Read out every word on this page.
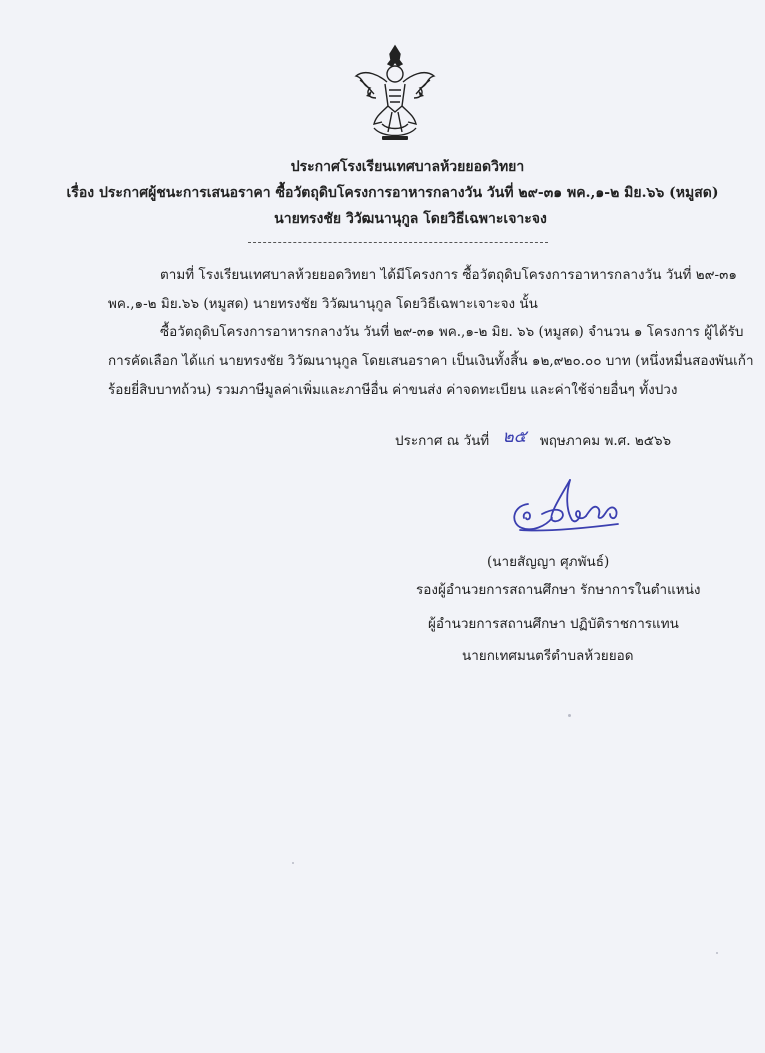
ประกาศโรงเรียนเทศบาลห้วยยอดวิทยา
เรื่อง ประกาศผู้ชนะการเสนอราคา ซื้อวัตถุดิบโครงการอาหารกลางวัน วันที่ ๒๙-๓๑ พค.,๑-๒ มิย.๖๖ (หมูสด)
นายทรงชัย วิวัฒนานุกูล โดยวิธีเฉพาะเจาะจง
ตามที่ โรงเรียนเทศบาลห้วยยอดวิทยา ได้มีโครงการ ซื้อวัตถุดิบโครงการอาหารกลางวัน วันที่ ๒๙-๓๑
พค.,๑-๒ มิย.๖๖ (หมูสด) นายทรงชัย วิวัฒนานุกูล โดยวิธีเฉพาะเจาะจง นั้น
ซื้อวัตถุดิบโครงการอาหารกลางวัน วันที่ ๒๙-๓๑ พค.,๑-๒ มิย. ๖๖ (หมูสด) จำนวน ๑ โครงการ ผู้ได้รับ
การคัดเลือก ได้แก่ นายทรงชัย วิวัฒนานุกูล โดยเสนอราคา เป็นเงินทั้งสิ้น ๑๒,๙๒๐.๐๐ บาท (หนึ่งหมื่นสองพันเก้า
ร้อยยี่สิบบาทถ้วน) รวมภาษีมูลค่าเพิ่มและภาษีอื่น ค่าขนส่ง ค่าจดทะเบียน และค่าใช้จ่ายอื่นๆ ทั้งปวง
ประกาศ ณ วันที่ ๒๕ พฤษภาคม พ.ศ. ๒๕๖๖
(นายสัญญา ศุภพันธ์)
รองผู้อำนวยการสถานศึกษา รักษาการในตำแหน่ง
ผู้อำนวยการสถานศึกษา ปฏิบัติราชการแทน
นายกเทศมนตรีตำบลห้วยยอด
